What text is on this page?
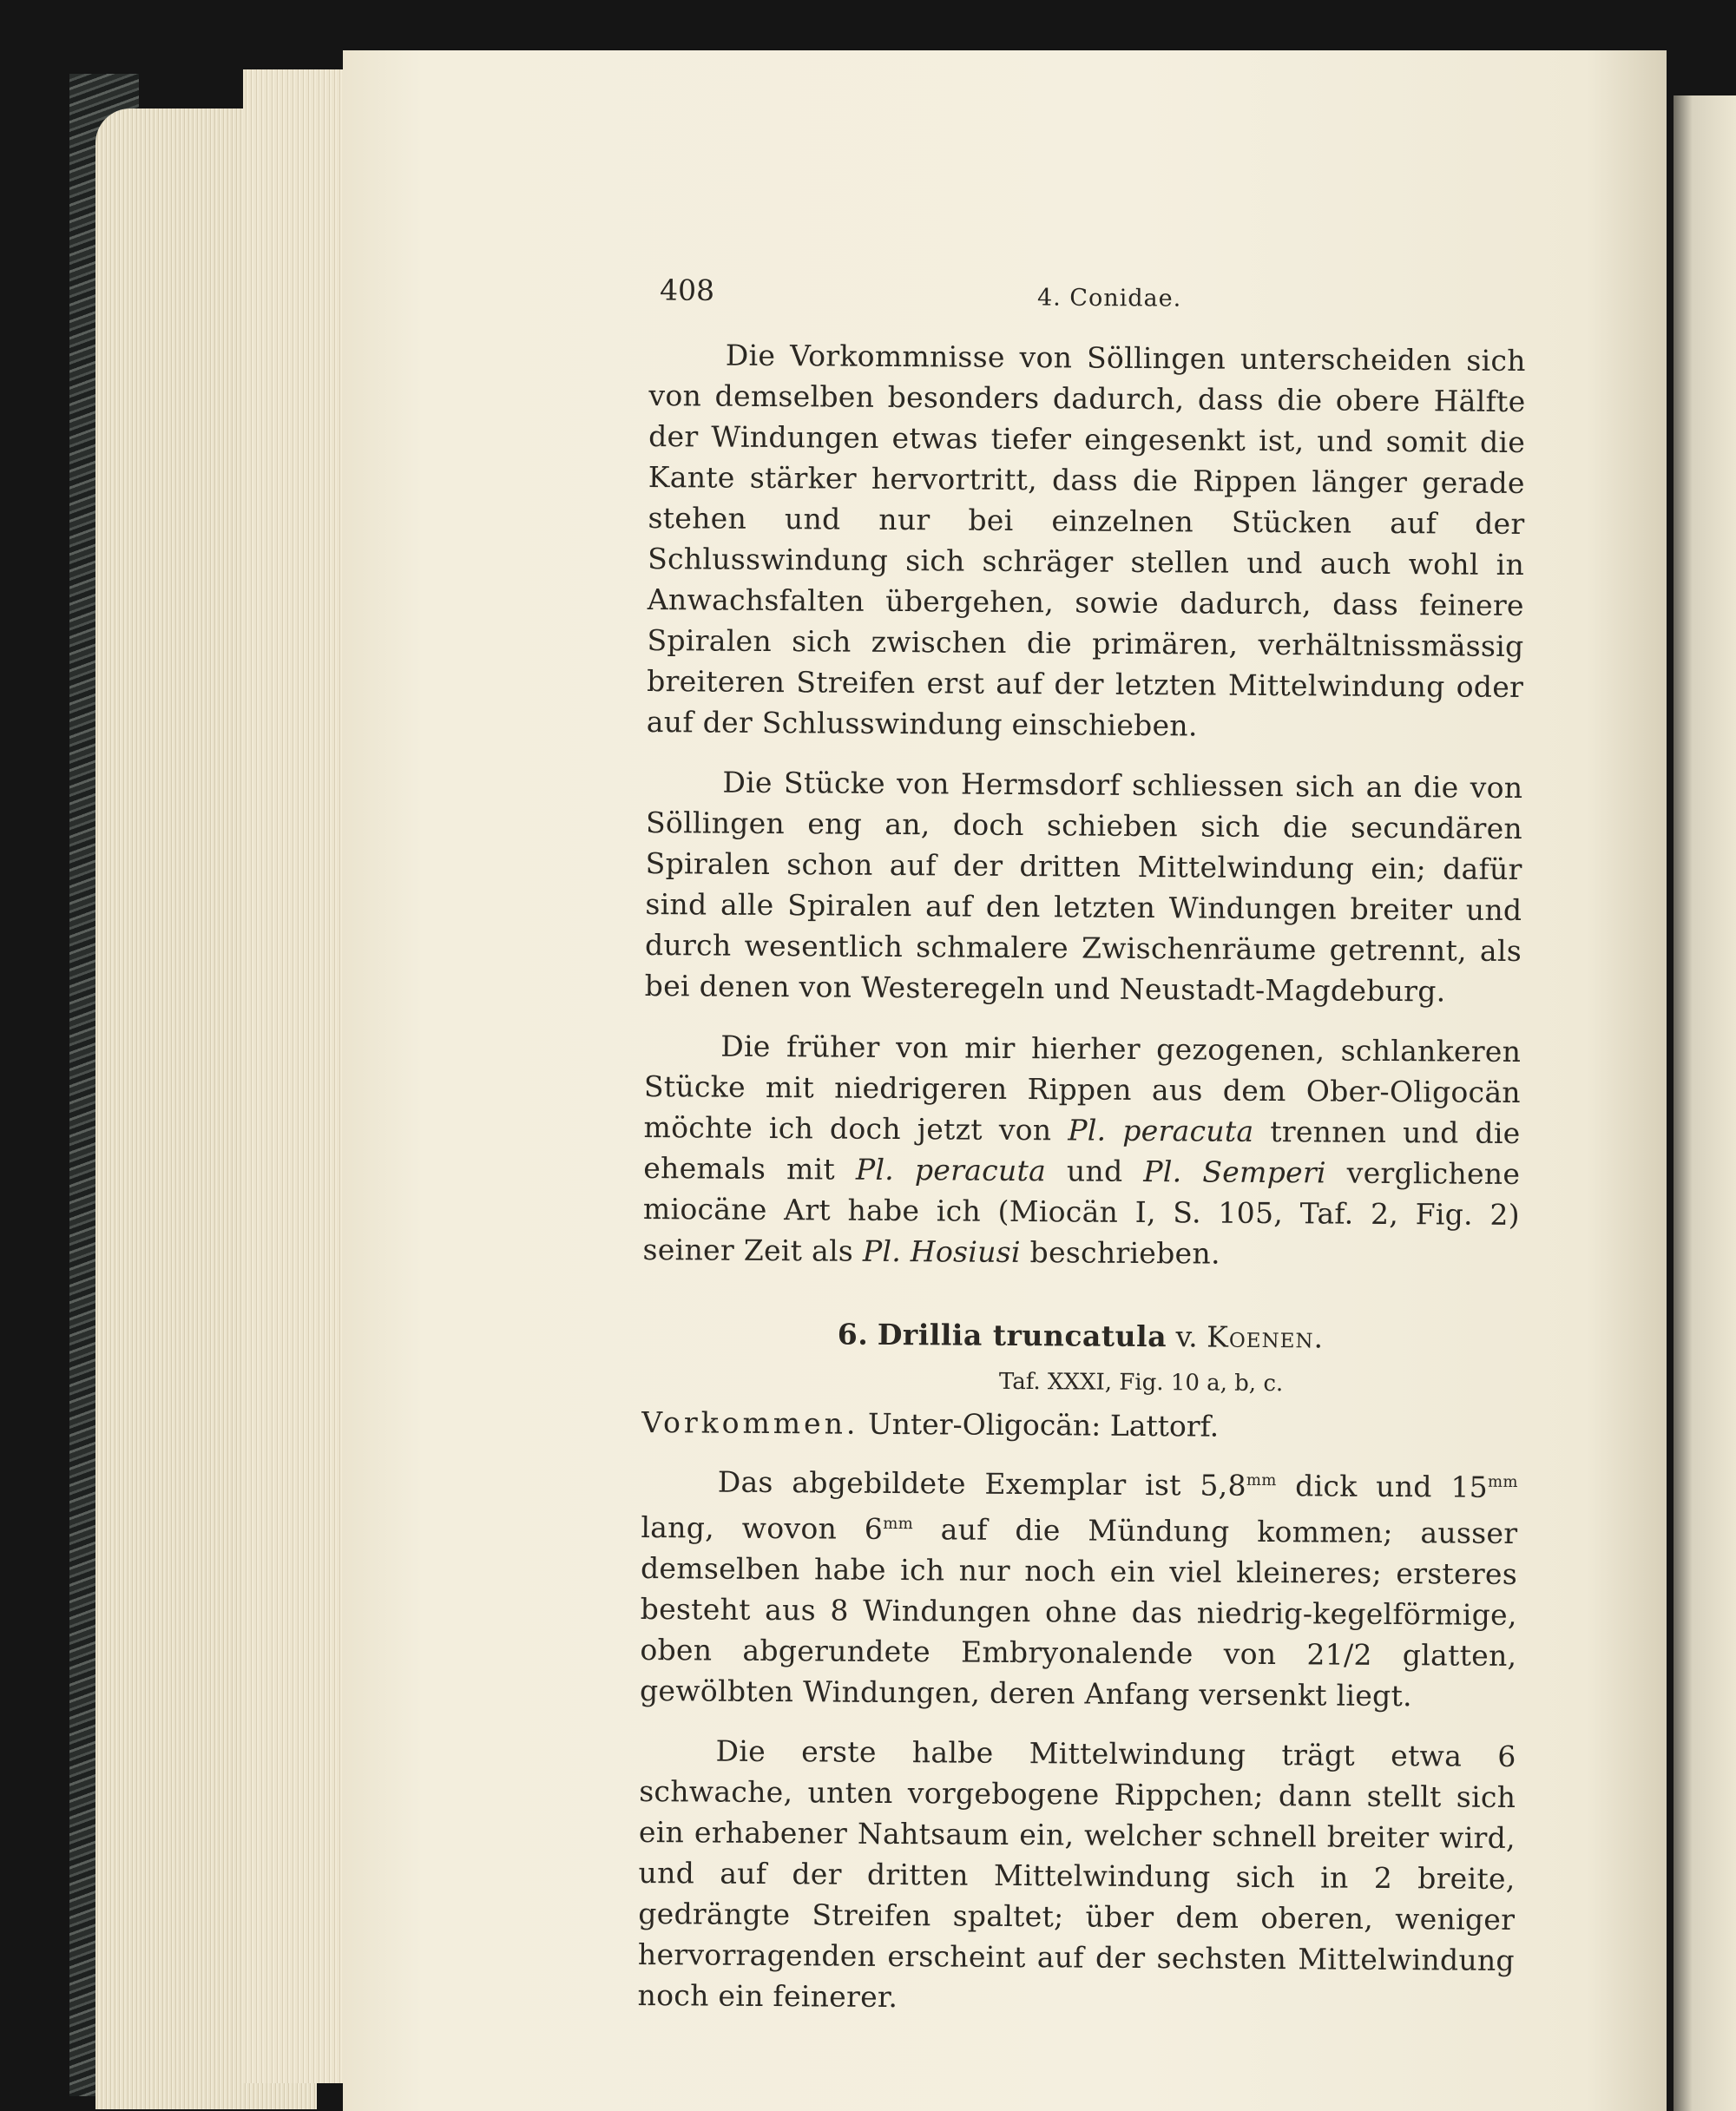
408	4. Conidae.

Die Vorkommnisse von Söllingen unterscheiden sich von demselben besonders dadurch, dass die obere Hälfte der Windungen etwas tiefer eingesenkt ist, und somit die Kante stärker hervortritt, dass die Rippen länger gerade stehen und nur bei einzelnen Stücken auf der Schlusswindung sich schräger stellen und auch wohl in Anwachsfalten übergehen, sowie dadurch, dass feinere Spiralen sich zwischen die primären, verhältnissmässig breiteren Streifen erst auf der letzten Mittelwindung oder auf der Schlusswindung einschieben.

Die Stücke von Hermsdorf schliessen sich an die von Söllingen eng an, doch schieben sich die secundären Spiralen schon auf der dritten Mittelwindung ein; dafür sind alle Spiralen auf den letzten Windungen breiter und durch wesentlich schmalere Zwischenräume getrennt, als bei denen von Westeregeln und Neustadt-Magdeburg.

Die früher von mir hierher gezogenen, schlankeren Stücke mit niedrigeren Rippen aus dem Ober-Oligocän möchte ich doch jetzt von Pl. peracuta trennen und die ehemals mit Pl. peracuta und Pl. Semperi verglichene miocäne Art habe ich (Miocän I, S. 105, Taf. 2, Fig. 2) seiner Zeit als Pl. Hosiusi beschrieben.

6. Drillia truncatula v. Koenen.
Taf. XXXI, Fig. 10 a, b, c.
Vorkommen. Unter-Oligocän: Lattorf.

Das abgebildete Exemplar ist $5,8^{mm}$ dick und $15^{mm}$ lang, wovon $6^{mm}$ auf die Mündung kommen; ausser demselben habe ich nur noch ein viel kleineres; ersteres besteht aus 8 Windungen ohne das niedrig-kegelförmige, oben abgerundete Embryonalende von 21/2 glatten, gewölbten Windungen, deren Anfang versenkt liegt.

Die erste halbe Mittelwindung trägt etwa 6 schwache, unten vorgebogene Rippchen; dann stellt sich ein erhabener Nahtsaum ein, welcher schnell breiter wird, und auf der dritten Mittelwindung sich in 2 breite, gedrängte Streifen spaltet; über dem oberen, weniger hervorragenden erscheint auf der sechsten Mittelwindung noch ein feinerer.
